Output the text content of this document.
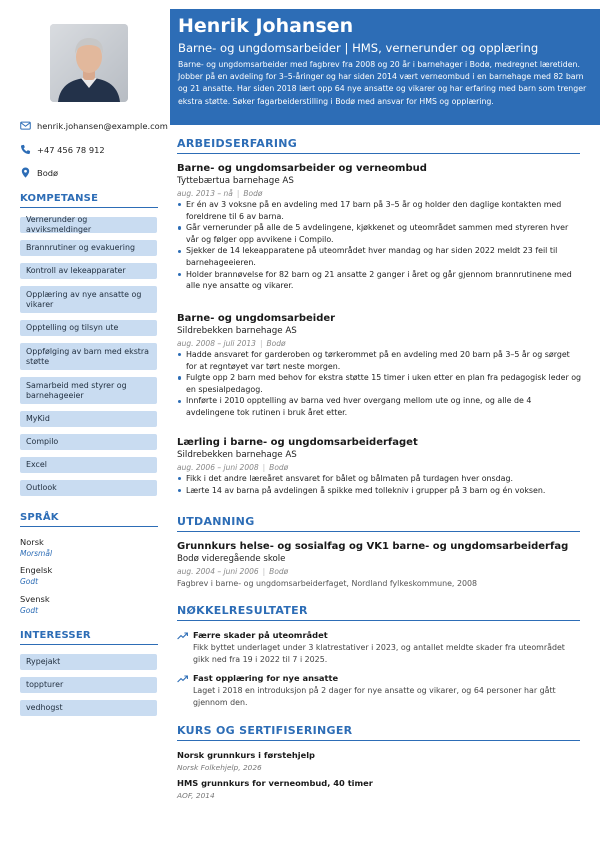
henrik.johansen@example.com
+47 456 78 912
Bodø
KOMPETANSE
Vernerunder og avviksmeldinger
Brannrutiner og evakuering
Kontroll av lekeapparater
Opplæring av nye ansatte og vikarer
Opptelling og tilsyn ute
Oppfølging av barn med ekstra støtte
Samarbeid med styrer og barnehageeier
MyKid
Compilo
Excel
Outlook
SPRÅK
Norsk
Morsmål
Engelsk
Godt
Svensk
Godt
INTERESSER
Rypejakt
toppturer
vedhogst
Henrik Johansen
Barne- og ungdomsarbeider | HMS, vernerunder og opplæring
Barne- og ungdomsarbeider med fagbrev fra 2008 og 20 år i barnehager i Bodø, medregnet læretiden. Jobber på en avdeling for 3–5-åringer og har siden 2014 vært verneombud i en barnehage med 82 barn og 21 ansatte. Har siden 2018 lært opp 64 nye ansatte og vikarer og har erfaring med barn som trenger ekstra støtte. Søker fagarbeiderstilling i Bodø med ansvar for HMS og opplæring.
ARBEIDSERFARING
Barne- og ungdomsarbeider og verneombud
Tyttebærtua barnehage AS
aug. 2013 – nå | Bodø
Er én av 3 voksne på en avdeling med 17 barn på 3–5 år og holder den daglige kontakten med foreldrene til 6 av barna.
Går vernerunder på alle de 5 avdelingene, kjøkkenet og uteområdet sammen med styreren hver vår og følger opp avvikene i Compilo.
Sjekker de 14 lekeapparatene på uteområdet hver mandag og har siden 2022 meldt 23 feil til barnehageeieren.
Holder brannøvelse for 82 barn og 21 ansatte 2 ganger i året og går gjennom brannrutinene med alle nye ansatte og vikarer.
Barne- og ungdomsarbeider
Sildrebekken barnehage AS
aug. 2008 – juli 2013 | Bodø
Hadde ansvaret for garderoben og tørkerommet på en avdeling med 20 barn på 3–5 år og sørget for at regntøyet var tørt neste morgen.
Fulgte opp 2 barn med behov for ekstra støtte 15 timer i uken etter en plan fra pedagogisk leder og en spesialpedagog.
Innførte i 2010 opptelling av barna ved hver overgang mellom ute og inne, og alle de 4 avdelingene tok rutinen i bruk året etter.
Lærling i barne- og ungdomsarbeiderfaget
Sildrebekken barnehage AS
aug. 2006 – juni 2008 | Bodø
Fikk i det andre læreåret ansvaret for bålet og bålmaten på turdagen hver onsdag.
Lærte 14 av barna på avdelingen å spikke med tollekniv i grupper på 3 barn og én voksen.
UTDANNING
Grunnkurs helse- og sosialfag og VK1 barne- og ungdomsarbeiderfag
Bodø videregående skole
aug. 2004 – juni 2006 | Bodø
Fagbrev i barne- og ungdomsarbeiderfaget, Nordland fylkeskommune, 2008
NØKKELRESULTATER
Færre skader på uteområdet
Fikk byttet underlaget under 3 klatrestativer i 2023, og antallet meldte skader fra uteområdet gikk ned fra 19 i 2022 til 7 i 2025.
Fast opplæring for nye ansatte
Laget i 2018 en introduksjon på 2 dager for nye ansatte og vikarer, og 64 personer har gått gjennom den.
KURS OG SERTIFISERINGER
Norsk grunnkurs i førstehjelp
Norsk Folkehjelp, 2026
HMS grunnkurs for verneombud, 40 timer
AOF, 2014
